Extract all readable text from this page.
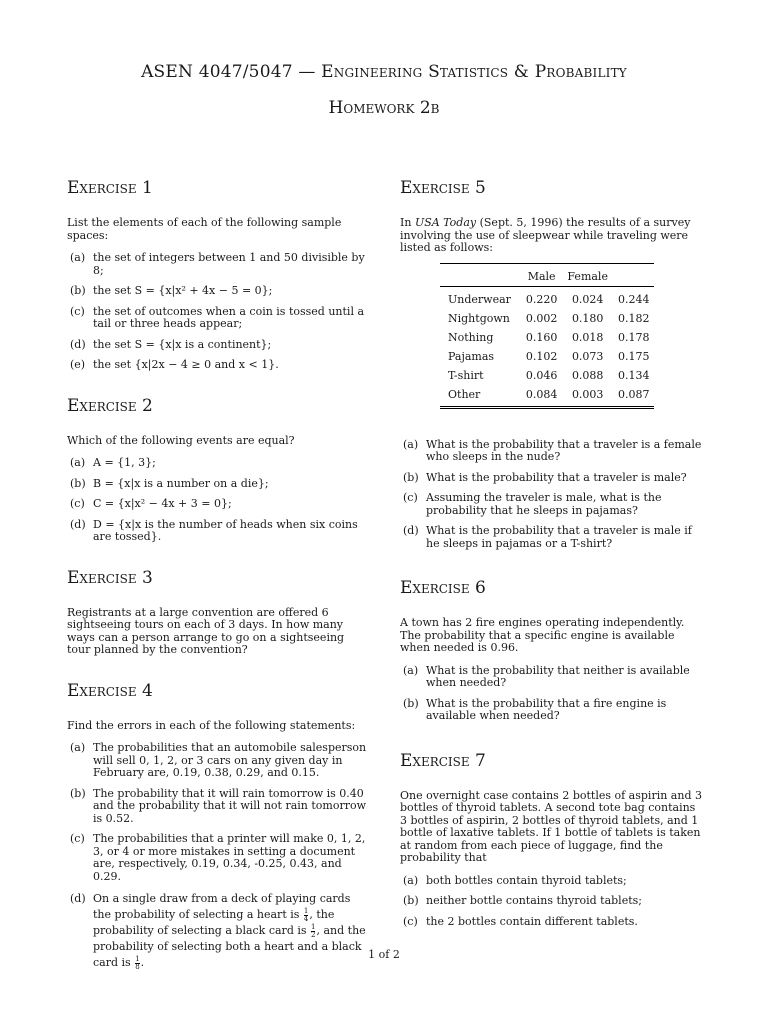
ASEN 4047/5047 — Engineering Statistics & Probability
Homework 2b
Exercise 1

List the elements of each of the following sample spaces:

(a) the set of integers between 1 and 50 divisible by 8;
(b) the set S = {x|x² + 4x − 5 = 0};
(c) the set of outcomes when a coin is tossed until a tail or three heads appear;
(d) the set S = {x|x is a continent};
(e) the set {x|2x − 4 ≥ 0 and x < 1}.
Exercise 2

Which of the following events are equal?

(a) A = {1, 3};
(b) B = {x|x is a number on a die};
(c) C = {x|x² − 4x + 3 = 0};
(d) D = {x|x is the number of heads when six coins are tossed}.
Exercise 3

Registrants at a large convention are offered 6 sightseeing tours on each of 3 days. In how many ways can a person arrange to go on a sightseeing tour planned by the convention?

Exercise 4

Find the errors in each of the following statements:

(a) The probabilities that an automobile salesperson will sell 0, 1, 2, or 3 cars on any given day in February are, 0.19, 0.38, 0.29, and 0.15.
(b) The probability that it will rain tomorrow is 0.40 and the probability that it will not rain tomorrow is 0.52.
(c) The probabilities that a printer will make 0, 1, 2, 3, or 4 or more mistakes in setting a document are, respectively, 0.19, 0.34, -0.25, 0.43, and 0.29.
(d) On a single draw from a deck of playing cards the probability of selecting a heart is $\frac{1}{4}$ , the probability of selecting a black card is $\frac{1}{2}$ , and the probability of selecting both a heart and a black card is $\frac{1}{8}$ .
Exercise 5

In USA Today (Sept. 5, 1996) the results of a survey involving the use of sleepwear while traveling were listed as follows:

	Male	Female	
Underwear	0.220	0.024	0.244
Nightgown	0.002	0.180	0.182
Nothing	0.160	0.018	0.178
Pajamas	0.102	0.073	0.175
T-shirt	0.046	0.088	0.134
Other	0.084	0.003	0.087
(a) What is the probability that a traveler is a female who sleeps in the nude?
(b) What is the probability that a traveler is male?
(c) Assuming the traveler is male, what is the probability that he sleeps in pajamas?
(d) What is the probability that a traveler is male if he sleeps in pajamas or a T-shirt?
Exercise 6

A town has 2 fire engines operating independently. The probability that a specific engine is available when needed is 0.96.

(a) What is the probability that neither is available when needed?
(b) What is the probability that a fire engine is available when needed?
Exercise 7

One overnight case contains 2 bottles of aspirin and 3 bottles of thyroid tablets. A second tote bag contains 3 bottles of aspirin, 2 bottles of thyroid tablets, and 1 bottle of laxative tablets. If 1 bottle of tablets is taken at random from each piece of luggage, find the probability that

(a) both bottles contain thyroid tablets;
(b) neither bottle contains thyroid tablets;
(c) the 2 bottles contain different tablets.
1 of 2
